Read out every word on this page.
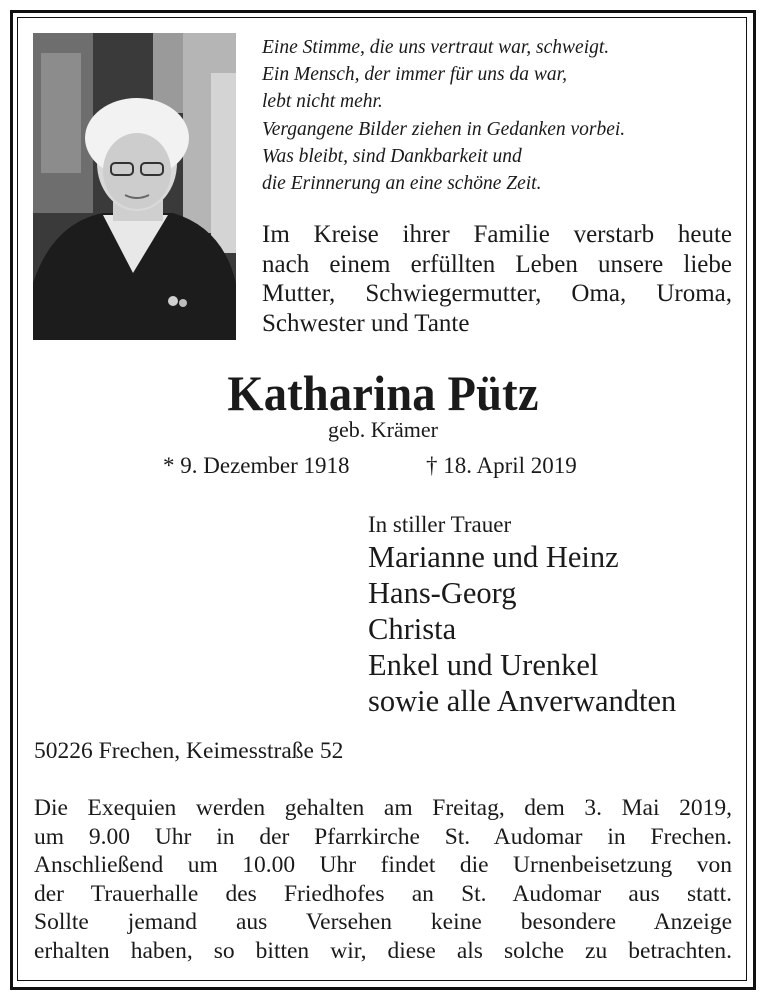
Eine Stimme, die uns vertraut war, schweigt.
Ein Mensch, der immer für uns da war,
lebt nicht mehr.
Vergangene Bilder ziehen in Gedanken vorbei.
Was bleibt, sind Dankbarkeit und
die Erinnerung an eine schöne Zeit.
Im Kreise ihrer Familie verstarb heute
nach einem erfüllten Leben unsere liebe
Mutter, Schwiegermutter, Oma, Uroma,
Schwester und Tante
Katharina Pütz
geb. Krämer
* 9. Dezember 1918	† 18. April 2019
In stiller Trauer
Marianne und Heinz
Hans-Georg
Christa
Enkel und Urenkel
sowie alle Anverwandten
50226 Frechen, Keimesstraße 52
Die Exequien werden gehalten am Freitag, dem 3. Mai 2019,
um 9.00 Uhr in der Pfarrkirche St. Audomar in Frechen.
Anschließend um 10.00 Uhr findet die Urnenbeisetzung von
der Trauerhalle des Friedhofes an St. Audomar aus statt.
Sollte jemand aus Versehen keine besondere Anzeige
erhalten haben, so bitten wir, diese als solche zu betrachten.
